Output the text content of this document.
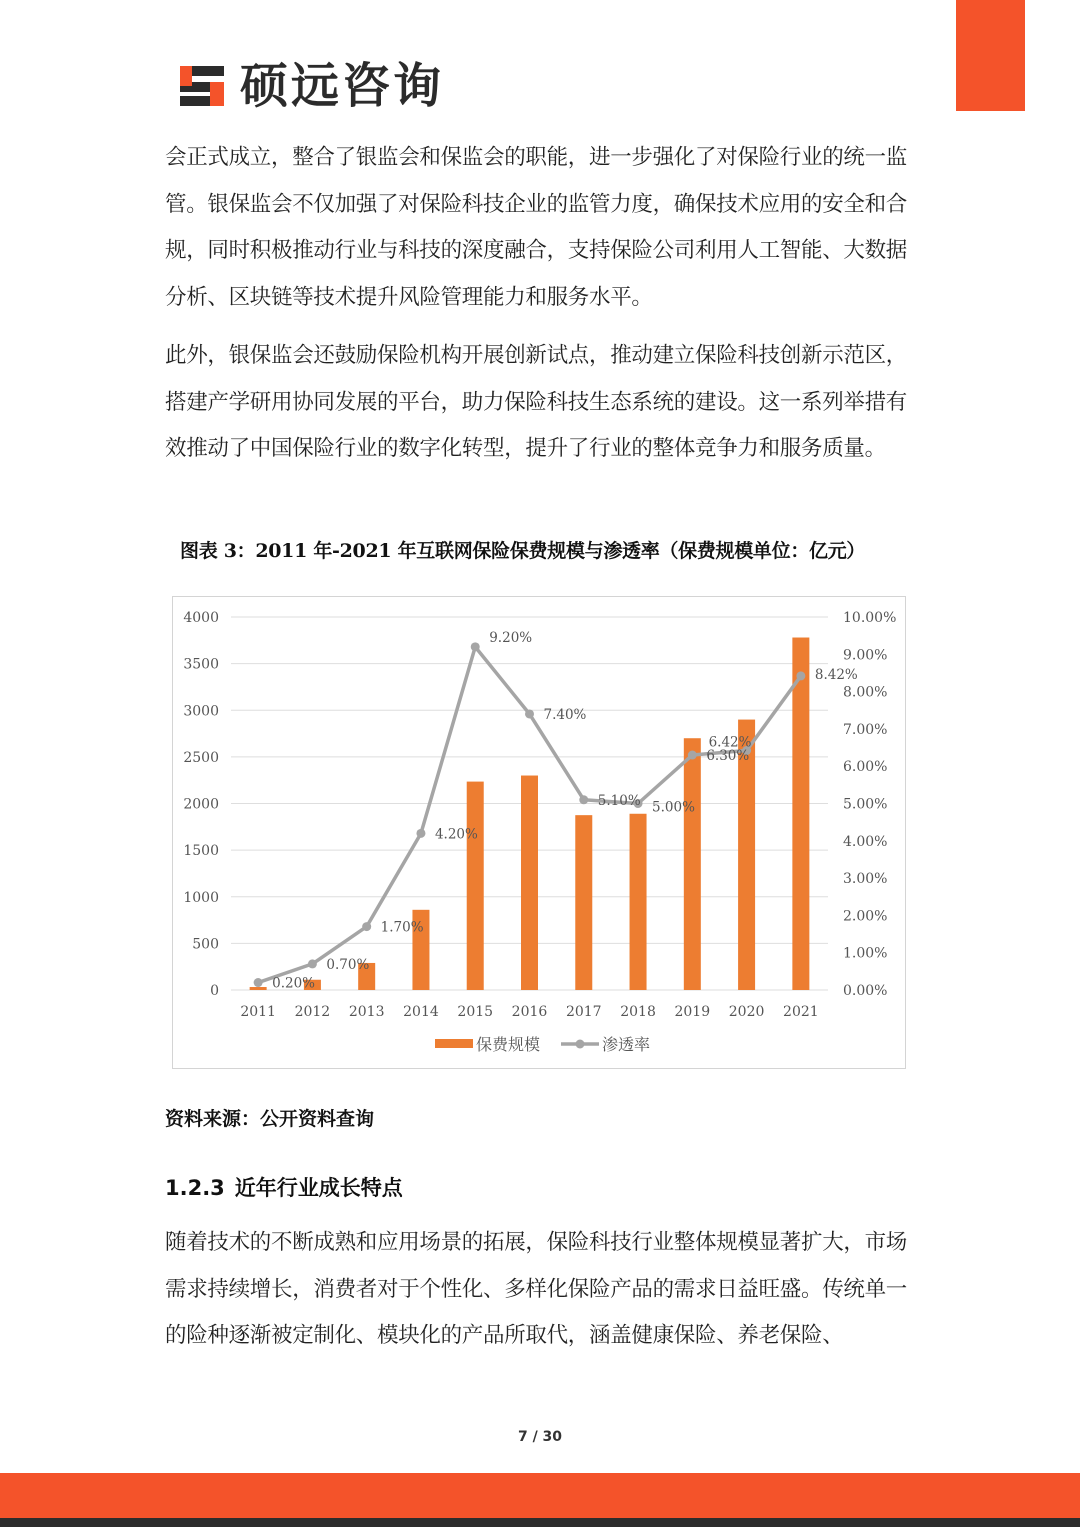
硕远咨询

会正式成立，整合了银监会和保监会的职能，进一步强化了对保险行业的统一监管。银保监会不仅加强了对保险科技企业的监管力度，确保技术应用的安全和合规，同时积极推动行业与科技的深度融合，支持保险公司利用人工智能、大数据分析、区块链等技术提升风险管理能力和服务水平。

此外，银保监会还鼓励保险机构开展创新试点，推动建立保险科技创新示范区，搭建产学研用协同发展的平台，助力保险科技生态系统的建设。这一系列举措有效推动了中国保险行业的数字化转型，提升了行业的整体竞争力和服务质量。

图表 3：2011 年-2021 年互联网保险保费规模与渗透率（保费规模单位：亿元）
0
500
1000
1500
2000
2500
3000
3500
4000
0.00%
1.00%
2.00%
3.00%
4.00%
5.00%
6.00%
7.00%
8.00%
9.00%
10.00%
2011 2012 2013 2014 2015 2016 2017 2018 2019 2020 2021
0.20%
0.70%
1.70%
4.20%
9.20%
7.40%
5.10% 5.00%
6.30%
6.42%
8.42%
保费规模	渗透率
资料来源：公开资料查询
1.2.3 近年行业成长特点

随着技术的不断成熟和应用场景的拓展，保险科技行业整体规模显著扩大，市场需求持续增长，消费者对于个性化、多样化保险产品的需求日益旺盛。传统单一的险种逐渐被定制化、模块化的产品所取代，涵盖健康保险、养老保险、

7 / 30
